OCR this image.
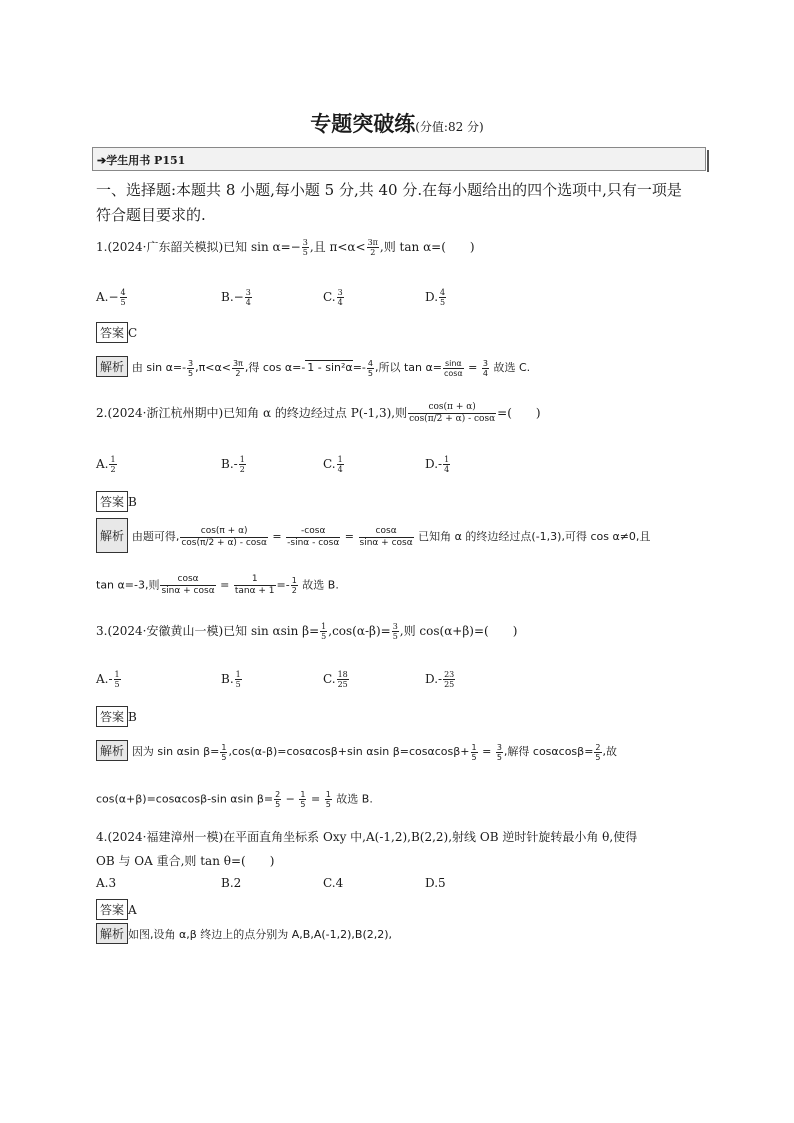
专题突破练(分值:82 分)
➔学生用书 P151
一、选择题:本题共 8 小题,每小题 5 分,共 40 分.在每小题给出的四个选项中,只有一项是符合题目要求的.
1.(2024·广东韶关模拟)已知 $\sin \alpha=- \frac{3}{5}$ ,且 $\pi<\alpha< \frac{3\pi}{2}$ ,则 tan α=(　　)
$A.- \frac{4}{5}$	$B.- \frac{3}{4}$	C. $\frac{3}{4}$	D. $\frac{4}{5}$
答案 C
解析 由 $\sin \alpha=- \frac{3}{5} ,\pi<\alpha< \frac{3\pi}{2}$ ,得 cos α=- $1 - \sin^2\alpha=- \frac{4}{5}$ ,所以 $\tan \alpha= \frac{\sin\alpha}{\cos\alpha} = \frac{3}{4}$ 故选 C.
2.(2024·浙江杭州期中)已知角 α 的终边经过点 P(-1,3),则 $\frac{\cos(\pi + \alpha)}{\cos(\pi/2 + \alpha) - \cos\alpha}$ =(　　)
A. $\frac{1}{2}$	$B.- \frac{1}{2}$	C. $\frac{1}{4}$	$D.- \frac{1}{4}$
答案 B
解析 由题可得, $\frac{\cos(\pi + \alpha)}{\cos(\pi/2 + \alpha) - \cos\alpha} = \frac{-\cos\alpha}{-\sin\alpha - \cos\alpha} = \frac{\cos\alpha}{\sin\alpha + \cos\alpha}$ 已知角 α 的终边经过点(-1,3),可得 cos α≠0,且
tan α=-3,则 $\frac{\cos\alpha}{\sin\alpha + \cos\alpha} = \frac{1}{\tan\alpha + 1} =- \frac{1}{2}$ 故选 B.
3.(2024·安徽黄山一模)已知 sin αsin $\beta= \frac{1}{5} ,\cos(\alpha-\beta)= \frac{3}{5}$ ,则 cos(α+β)=(　　)
$A.- \frac{1}{5}$	B. $\frac{1}{5}$	C. $\frac{18}{25}$	$D.- \frac{23}{25}$
答案 B
解析 因为 sin αsin $\beta= \frac{1}{5} ,\cos(\alpha-\beta)=\cos\alpha\cos\beta+\sin$ αsin $\beta=\cos\alpha\cos\beta+ \frac{1}{5} = \frac{3}{5}$ ,解得 $\cos\alpha\cos\beta= \frac{2}{5}$ ,故
cos(α+β)=cosαcosβ-sin αsin $\beta= \frac{2}{5} - \frac{1}{5} = \frac{1}{5}$ 故选 B.
4.(2024·福建漳州一模)在平面直角坐标系 Oxy 中,A(-1,2),B(2,2),射线 OB 逆时针旋转最小角 θ,使得
OB 与 OA 重合,则 tan θ=(　　)
A.3	B.2	C.4	D.5
答案 A
解析 如图,设角 α,β 终边上的点分别为 A,B,A(-1,2),B(2,2),
